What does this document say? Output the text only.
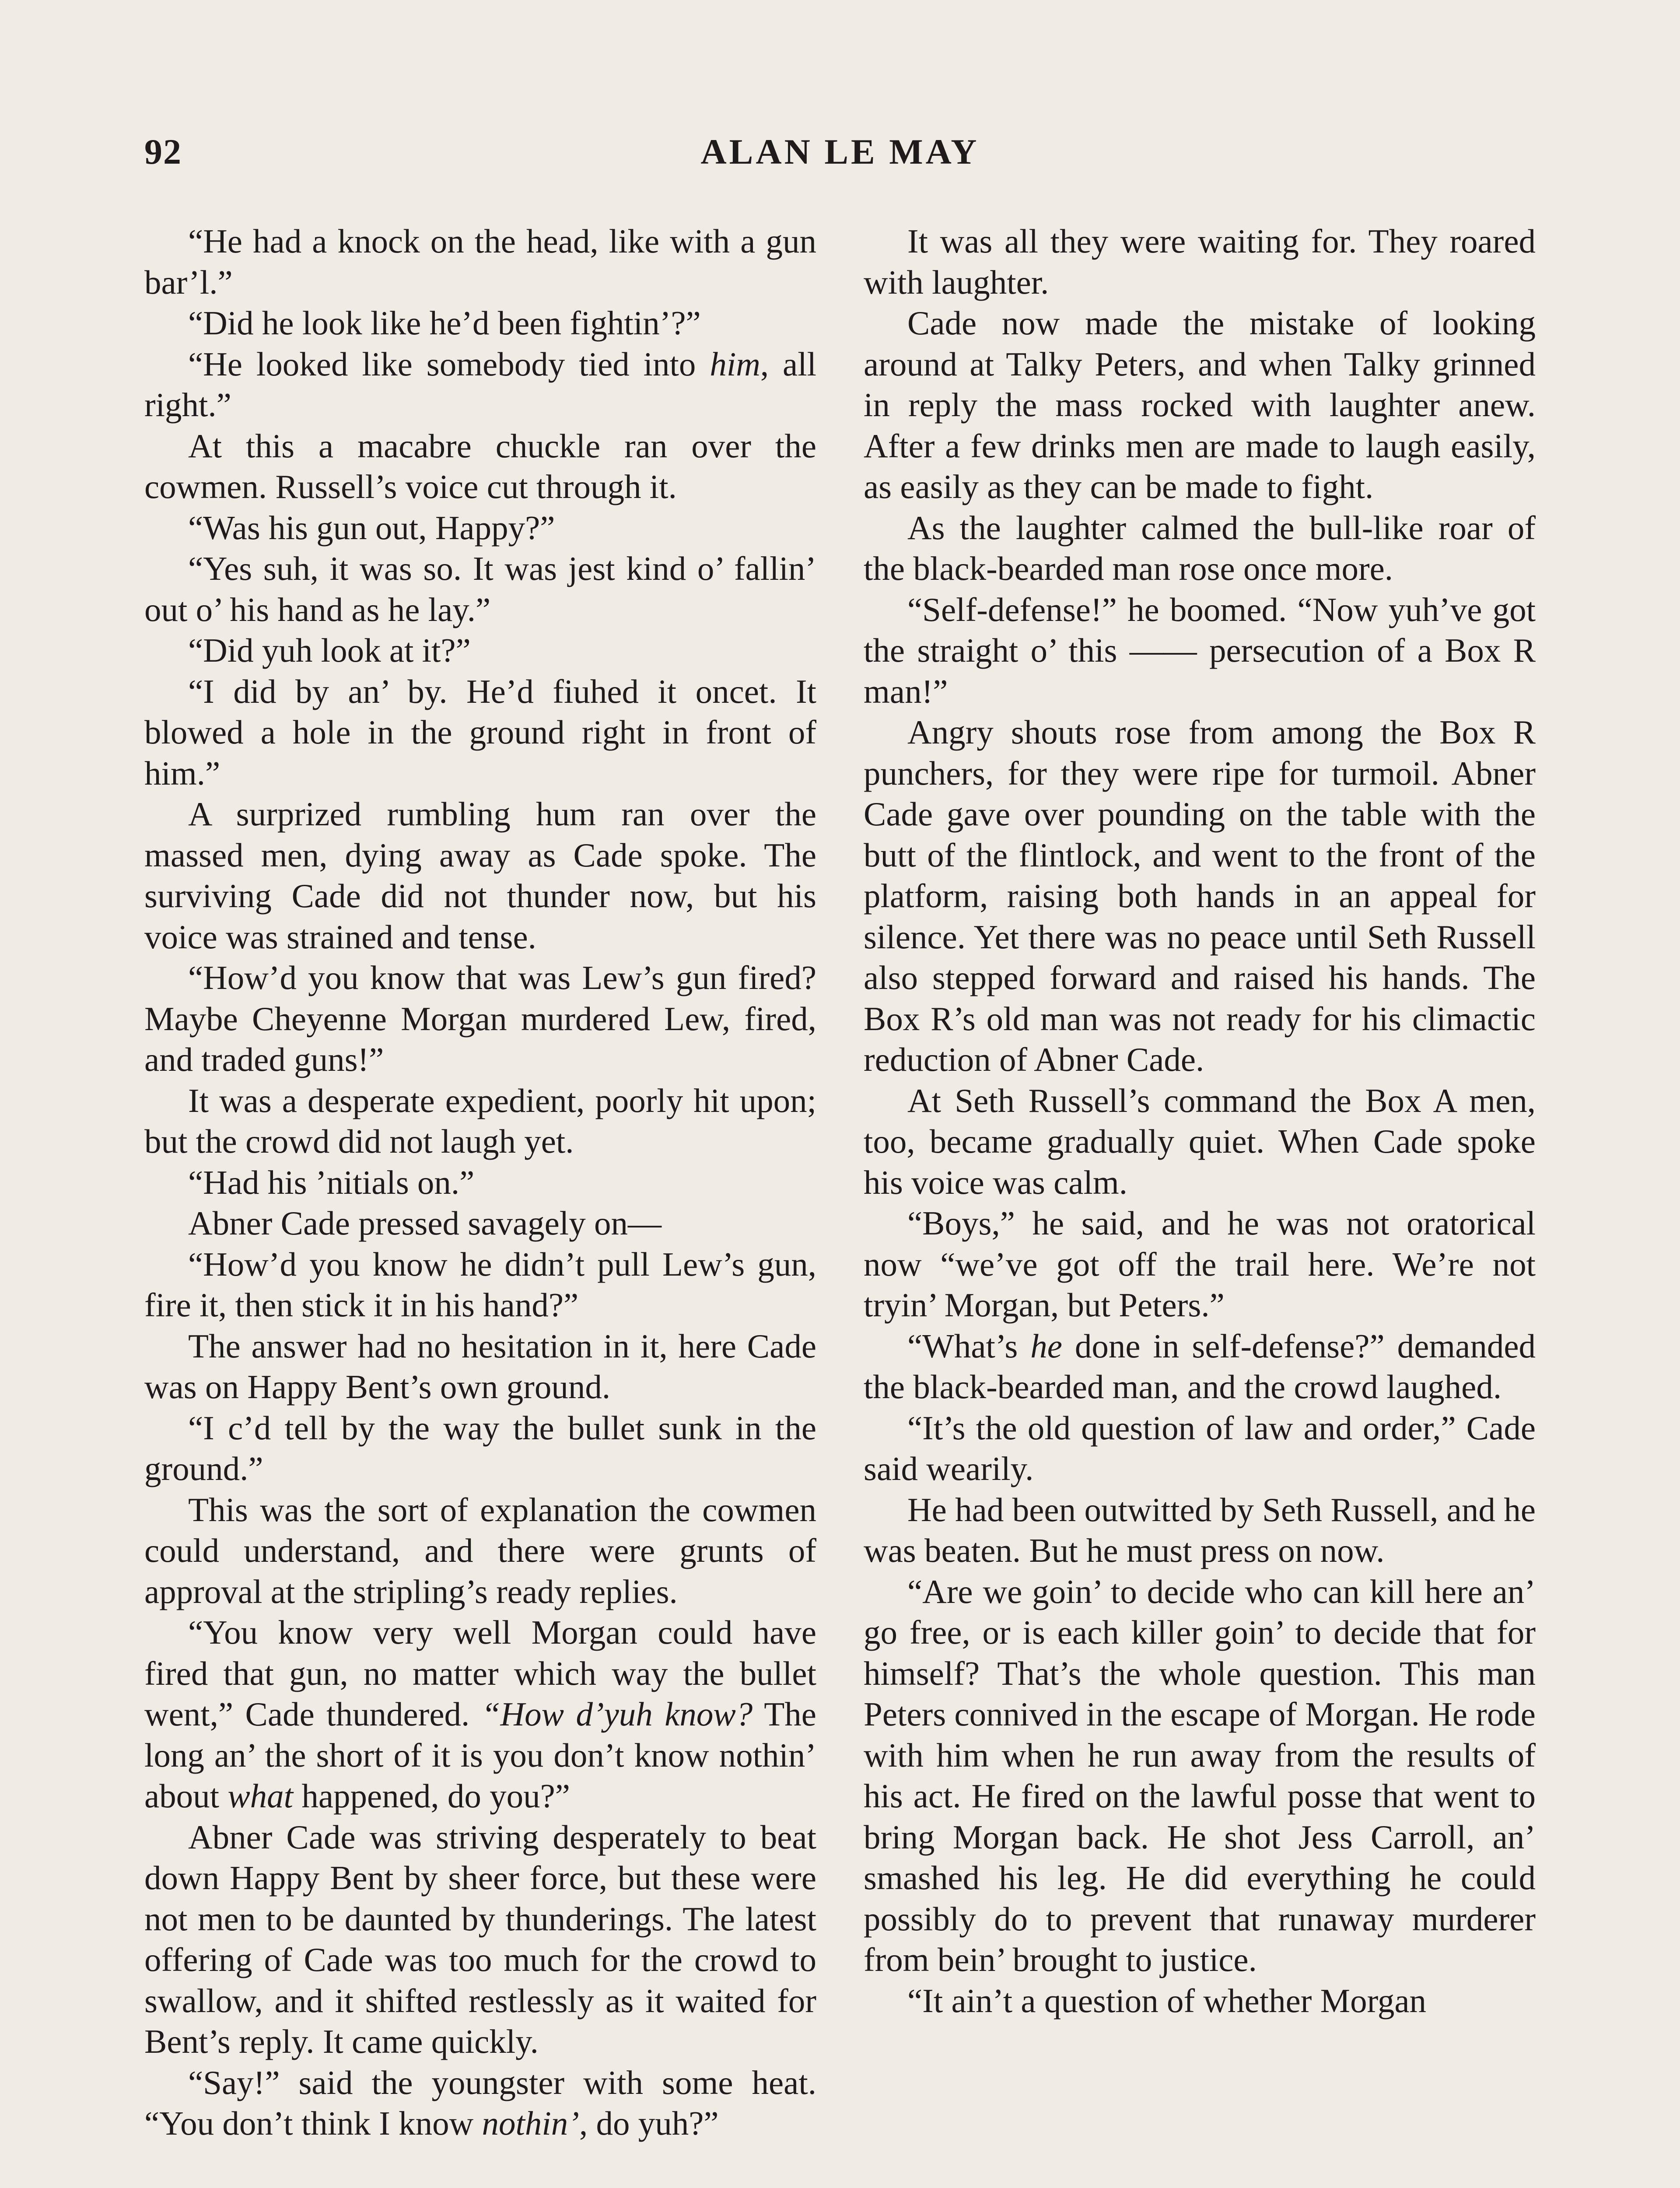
92	ALAN LE MAY

“He had a knock on the head, like with a gun bar’l.”

“Did he look like he’d been fightin’?”

“He looked like somebody tied into him, all right.”

At this a macabre chuckle ran over the cowmen. Russell’s voice cut through it.

“Was his gun out, Happy?”

“Yes suh, it was so. It was jest kind o’ fallin’ out o’ his hand as he lay.”

“Did yuh look at it?”

“I did by an’ by. He’d fiuhed it oncet. It blowed a hole in the ground right in front of him.”

A surprized rumbling hum ran over the massed men, dying away as Cade spoke. The surviving Cade did not thunder now, but his voice was strained and tense.

“How’d you know that was Lew’s gun fired? Maybe Cheyenne Morgan murdered Lew, fired, and traded guns!”

It was a desperate expedient, poorly hit upon; but the crowd did not laugh yet.

“Had his ’nitials on.”

Abner Cade pressed savagely on—

“How’d you know he didn’t pull Lew’s gun, fire it, then stick it in his hand?”

The answer had no hesitation in it, here Cade was on Happy Bent’s own ground.

“I c’d tell by the way the bullet sunk in the ground.”

This was the sort of explanation the cowmen could understand, and there were grunts of approval at the stripling’s ready replies.

“You know very well Morgan could have fired that gun, no matter which way the bullet went,” Cade thundered. “How d’yuh know? The long an’ the short of it is you don’t know nothin’ about what happened, do you?”

Abner Cade was striving desperately to beat down Happy Bent by sheer force, but these were not men to be daunted by thunderings. The latest offering of Cade was too much for the crowd to swallow, and it shifted restlessly as it waited for Bent’s reply. It came quickly.

“Say!” said the youngster with some heat. “You don’t think I know nothin’, do yuh?”

It was all they were waiting for. They roared with laughter.

Cade now made the mistake of looking around at Talky Peters, and when Talky grinned in reply the mass rocked with laughter anew. After a few drinks men are made to laugh easily, as easily as they can be made to fight.

As the laughter calmed the bull-like roar of the black-bearded man rose once more.

“Self-defense!” he boomed. “Now yuh’ve got the straight o’ this —— persecution of a Box R man!”

Angry shouts rose from among the Box R punchers, for they were ripe for turmoil. Abner Cade gave over pounding on the table with the butt of the flintlock, and went to the front of the platform, raising both hands in an appeal for silence. Yet there was no peace until Seth Russell also stepped forward and raised his hands. The Box R’s old man was not ready for his climactic reduction of Abner Cade.

At Seth Russell’s command the Box A men, too, became gradually quiet. When Cade spoke his voice was calm.

“Boys,” he said, and he was not oratorical now “we’ve got off the trail here. We’re not tryin’ Morgan, but Peters.”

“What’s he done in self-defense?” demanded the black-bearded man, and the crowd laughed.

“It’s the old question of law and order,” Cade said wearily.

He had been outwitted by Seth Russell, and he was beaten. But he must press on now.

“Are we goin’ to decide who can kill here an’ go free, or is each killer goin’ to decide that for himself? That’s the whole question. This man Peters connived in the escape of Morgan. He rode with him when he run away from the results of his act. He fired on the lawful posse that went to bring Morgan back. He shot Jess Carroll, an’ smashed his leg. He did everything he could possibly do to prevent that runaway murderer from bein’ brought to justice.

“It ain’t a question of whether Morgan
